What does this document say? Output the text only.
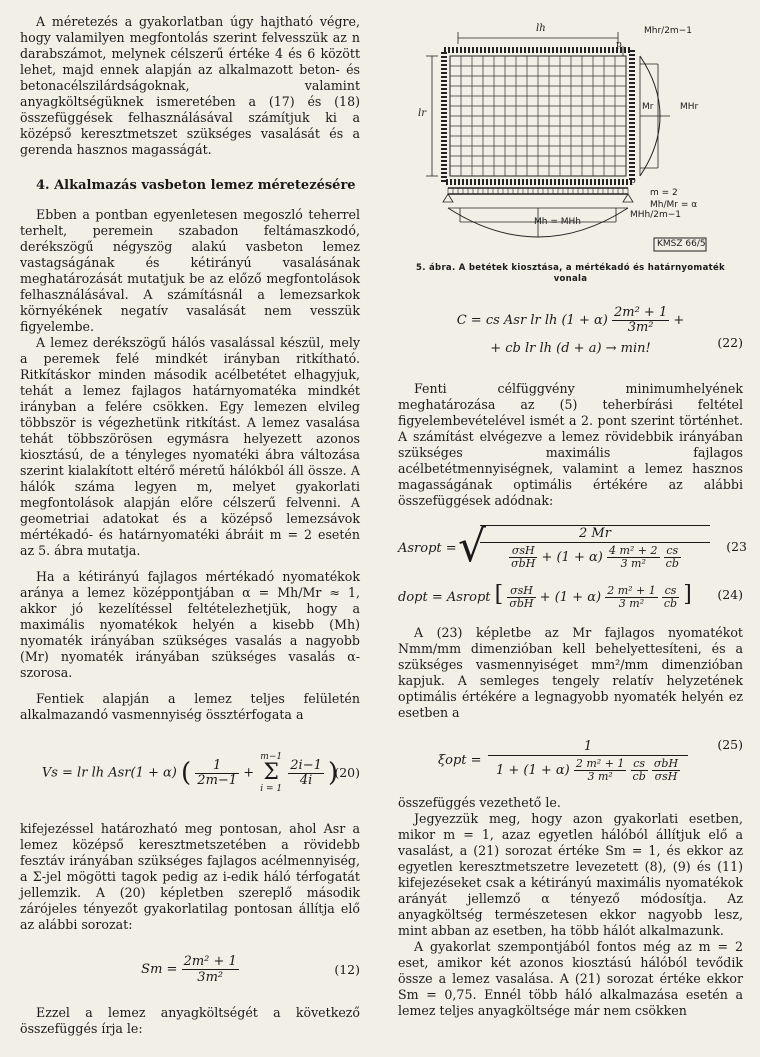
A méretezés a gyakorlatban úgy hajtható végre, hogy valamilyen megfontolás szerint felvesszük az n darabszámot, melynek célszerű értéke 4 és 6 között lehet, majd ennek alapján az alkalmazott beton- és betonacélszilárdságoknak, valamint anyagköltségüknek ismeretében a (17) és (18) összefüggések felhasználásával számítjuk ki a középső keresztmetszet szükséges vasalását és a gerenda hasznos magasságát.

4. Alkalmazás vasbeton lemez méretezésére

Ebben a pontban egyenletesen megoszló teherrel terhelt, peremein szabadon feltámaszkodó, derékszögű négyszög alakú vasbeton lemez vastagságának és kétirányú vasalásának meghatározását mutatjuk be az előző megfontolások felhasználásával. A számításnál a lemezsarkok környékének negatív vasalását nem vesszük figyelembe.

A lemez derékszögű hálós vasalással készül, mely a peremek felé mindkét irányban ritkítható. Ritkításkor minden második acélbetétet elhagyjuk, tehát a lemez fajlagos határnyomatéka mindkét irányban a felére csökken. Egy lemezen elvileg többször is végezhetünk ritkítást. A lemez vasalása tehát többszörösen egymásra helyezett azonos kiosztású, de a tényleges nyomatéki ábra változása szerint kialakított eltérő méretű hálókból áll össze. A hálók száma legyen m, melyet gyakorlati megfontolások alapján előre célszerű felvenni. A geometriai adatokat és a középső lemezsávok mértékadó- és határnyomatéki ábráit m = 2 esetén az 5. ábra mutatja.

Ha a kétirányú fajlagos mértékadó nyomatékok aránya a lemez középpontjában α = Mh/Mr ≈ 1, akkor jó kezelítéssel feltételezhetjük, hogy a maximális nyomatékok helyén a kisebb (Mh) nyomaték irányában szükséges vasalás a nagyobb (Mr) nyomaték irányában szükséges vasalás α-szorosa.

Fentiek alapján a lemez teljes felületén alkalmazandó vasmennyiség össztérfogata a

Vs = lr lh Asr(1 + α) ( $\frac{1}{2m-1}$ +
m−1
Σ
i = 1

$\frac{2i-1}{4i}$ )
(20)

kifejezéssel határozható meg pontosan, ahol Asr a lemez középső keresztmetszetében a rövidebb fesztáv irányában szükséges fajlagos acélmennyiség, a Σ-jel mögötti tagok pedig az i-edik háló térfogatát jellemzik. A (20) képletben szereplő második zárójeles tényezőt gyakorlatilag pontosan állítja elő az alábbi sorozat:

$Sm = \frac{\text{2m² + 1}}{\text{3m²}}$	(12)

Ezzel a lemez anyagköltségét a következő összefüggés írja le:

lh
lr
p
Mhr/2m−1
Mr	MHr
p
m = 2
Mh/Mr = α
Mh = MHh
MHh/2m−1
KMSZ 66/5
5. ábra. A betétek kiosztása, a mértékadó és határnyomaték vonala
C = cs Asr lr lh $(1 + \alpha) \frac{\text{2m² + 1}}{\text{3m²}}$ +
+ cb lr lh (d + a) → min!	(22)

Fenti célfüggvény minimumhelyének meghatározása az (5) teherbírási feltétel figyelembevételével ismét a 2. pont szerint történhet. A számítást elvégezve a lemez rövidebbik irányában szükséges maximális fajlagos acélbetétmennyiségnek, valamint a lemez hasznos magasságának optimális értékére az alábbi összefüggések adódnak:

Asropt = √	2 Mr
$\frac{\text{σsH}}{\text{σbH}} + (1 + \alpha) \frac{\text{4 m² + 2}}{\text{3 m²}}$
$\frac{cs}{cb}$	(23
dopt = Asropt [ $\frac{\text{σsH}}{\text{σbH}} + (1 + \alpha) \frac{\text{2 m² + 1}}{\text{3 m²}}$
$\frac{cs}{cb}$ ] (24)

A (23) képletbe az Mr fajlagos nyomatékot Nmm/mm dimenzióban kell behelyettesíteni, és a szükséges vasmennyiséget mm²/mm dimenzióban kapjuk. A semleges tengely relatív helyzetének optimális értékére a legnagyobb nyomaték helyén ez esetben a

ξopt =
1
$1 + (1 + \alpha) \frac{\text{2 m² + 1}}{\text{3 m²}}$
$\frac{cs}{cb}$
$\frac{\text{σbH}}{\text{σsH}}$
(25)

összefüggés vezethető le.

Jegyezzük meg, hogy azon gyakorlati esetben, mikor m = 1, azaz egyetlen hálóból állítjuk elő a vasalást, a (21) sorozat értéke Sm = 1, és ekkor az egyetlen keresztmetszetre levezetett (8), (9) és (11) kifejezéseket csak a kétirányú maximális nyomatékok arányát jellemző α tényező módosítja. Az anyagköltség természetesen ekkor nagyobb lesz, mint abban az esetben, ha több hálót alkalmazunk.

A gyakorlat szempontjából fontos még az m = 2 eset, amikor két azonos kiosztású hálóból tevődik össze a lemez vasalása. A (21) sorozat értéke ekkor Sm = 0,75. Ennél több háló alkalmazása esetén a lemez teljes anyagköltsége már nem csökken
